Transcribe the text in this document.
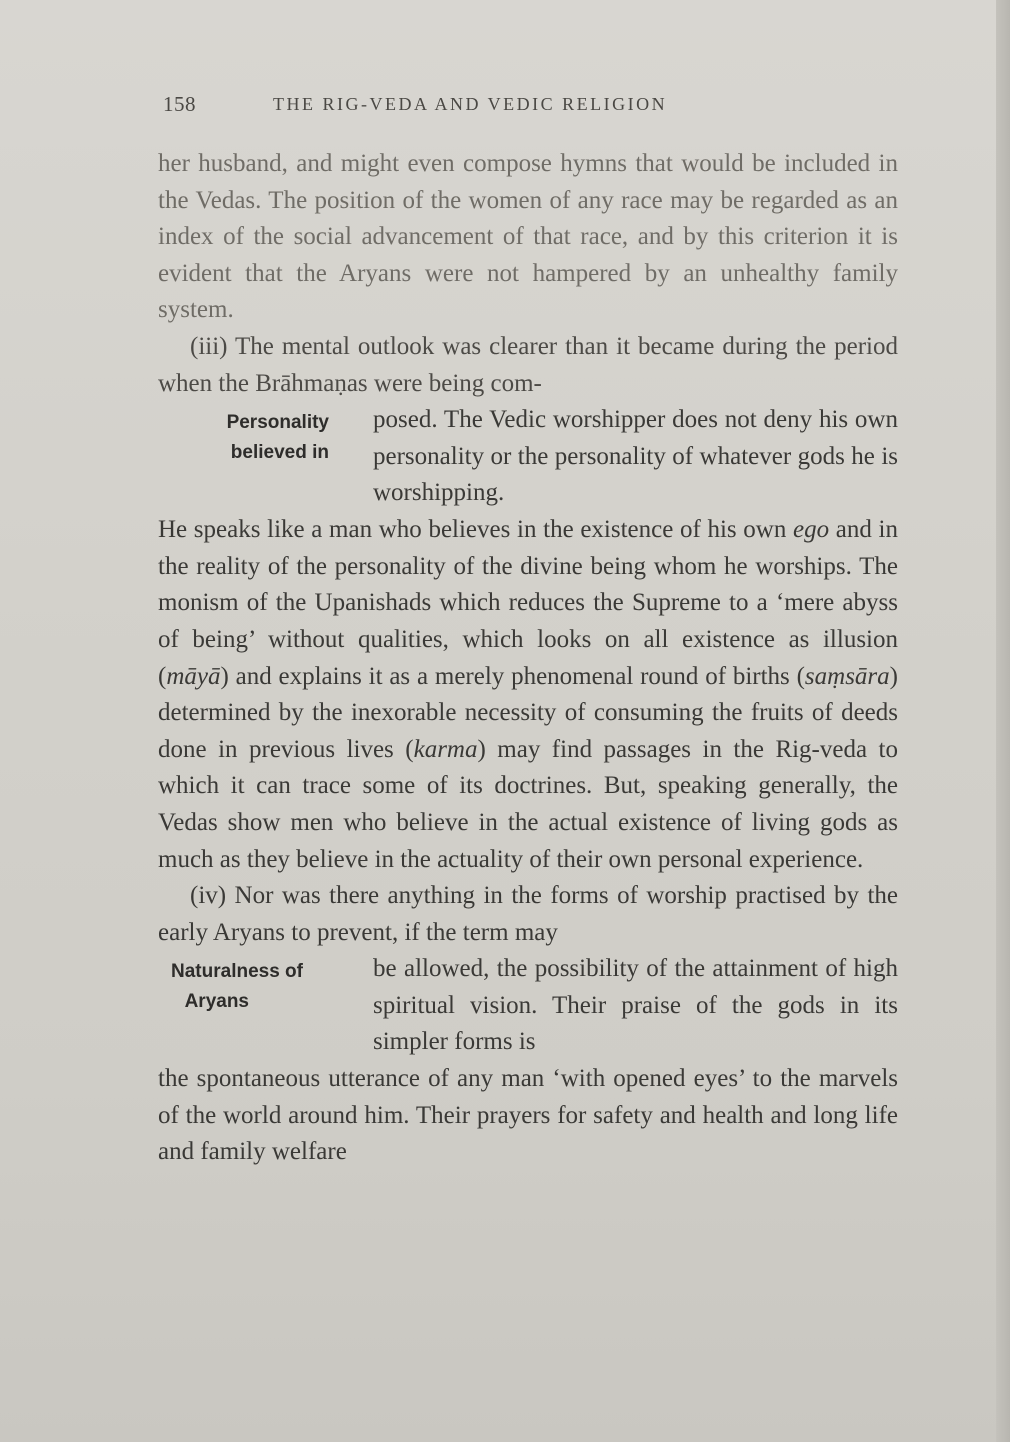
158	THE RIG-VEDA AND VEDIC RELIGION

her husband, and might even compose hymns that would be included in the Vedas. The position of the women of any race may be regarded as an index of the social advancement of that race, and by this criterion it is evident that the Aryans were not hampered by an unhealthy family system.

(iii) The mental outlook was clearer than it became during the period when the Brāhmaṇas were being com-

Personality
believed in

posed. The Vedic worshipper does not deny his own personality or the personality of whatever gods he is worshipping.

He speaks like a man who believes in the existence of his own ego and in the reality of the personality of the divine being whom he worships. The monism of the Upanishads which reduces the Supreme to a ‘mere abyss of being’ without qualities, which looks on all existence as illusion (māyā) and explains it as a merely phenomenal round of births (saṃsāra) determined by the inexorable necessity of consuming the fruits of deeds done in previous lives (karma) may find passages in the Rig-veda to which it can trace some of its doctrines. But, speaking generally, the Vedas show men who believe in the actual existence of living gods as much as they believe in the actuality of their own personal experience.

(iv) Nor was there anything in the forms of worship practised by the early Aryans to prevent, if the term may

Naturalness of
Aryans

be allowed, the possibility of the attainment of high spiritual vision. Their praise of the gods in its simpler forms is

the spontaneous utterance of any man ‘with opened eyes’ to the marvels of the world around him. Their prayers for safety and health and long life and family welfare
